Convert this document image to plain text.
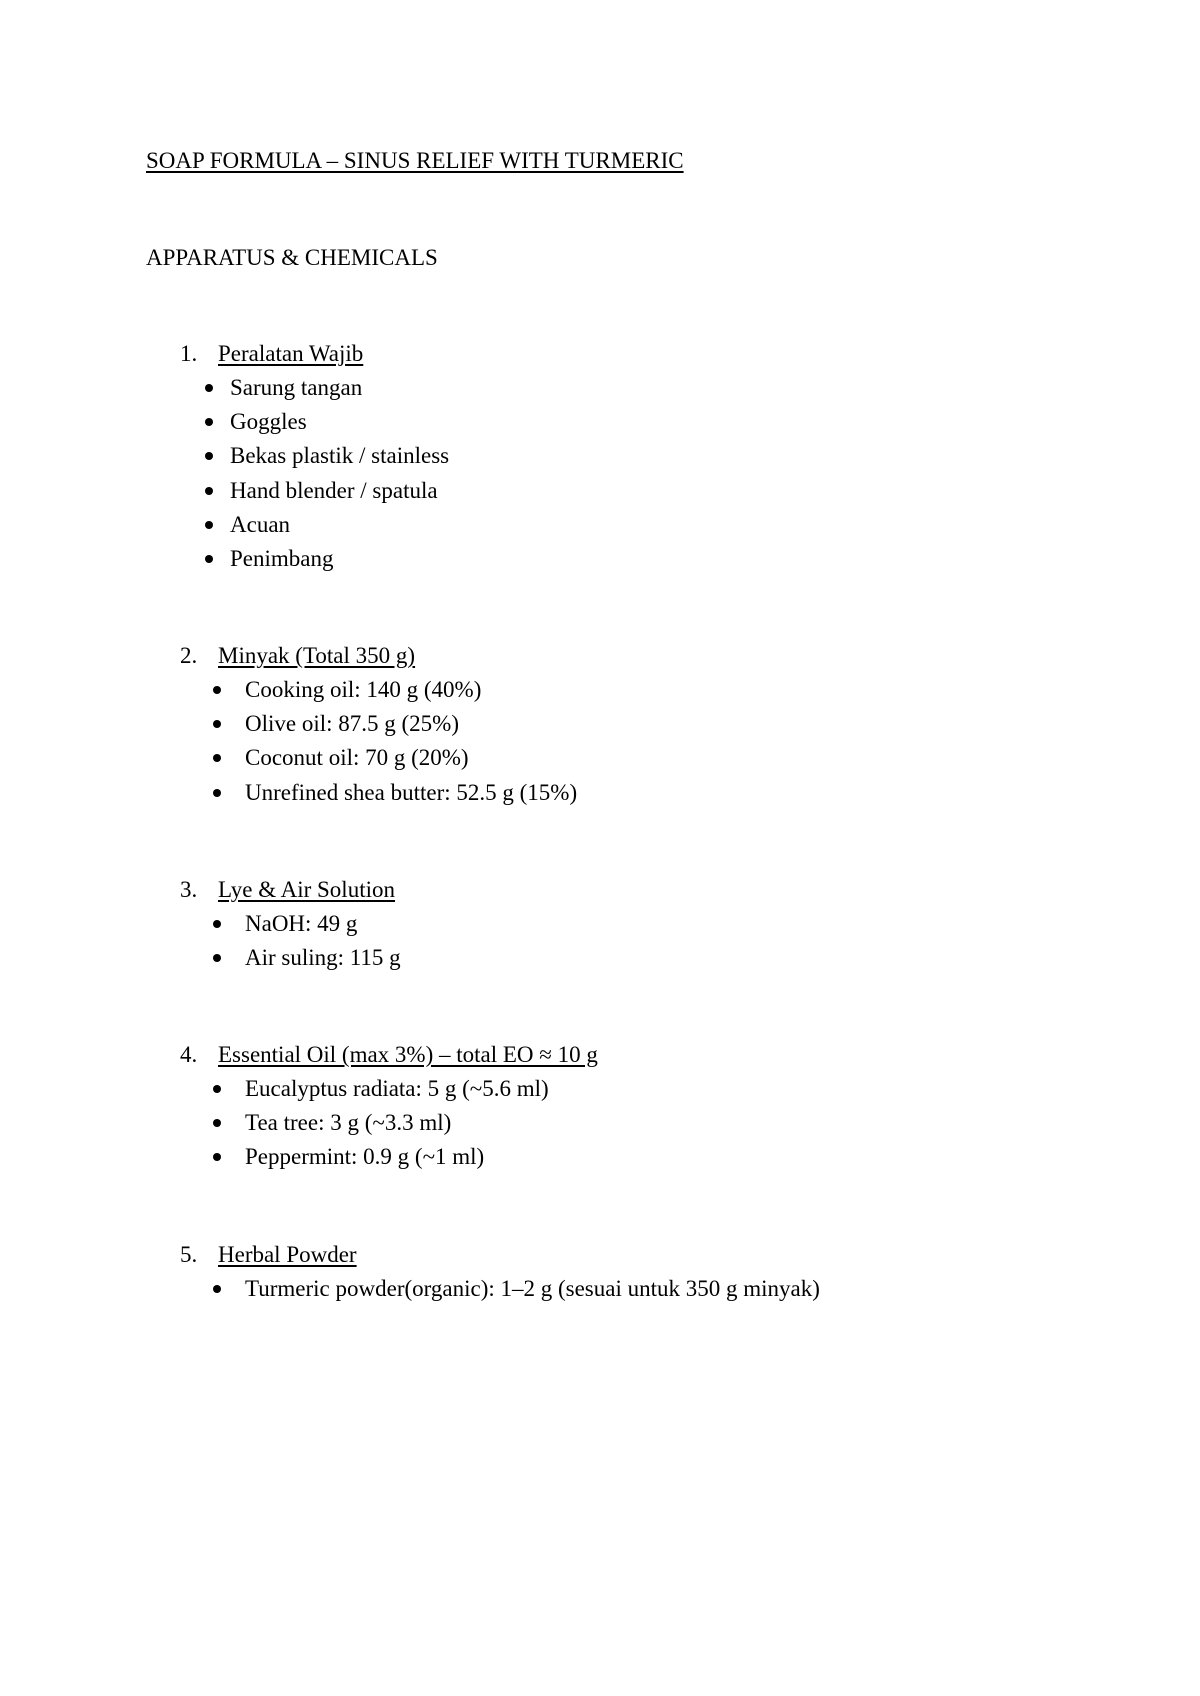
SOAP FORMULA – SINUS RELIEF WITH TURMERIC
APPARATUS & CHEMICALS
1. Peralatan Wajib
Sarung tangan
Goggles
Bekas plastik / stainless
Hand blender / spatula
Acuan
Penimbang
2. Minyak (Total 350 g)
Cooking oil: 140 g (40%)
Olive oil: 87.5 g (25%)
Coconut oil: 70 g (20%)
Unrefined shea butter: 52.5 g (15%)
3. Lye & Air Solution
NaOH: 49 g
Air suling: 115 g
4. Essential Oil (max 3%) – total EO ≈ 10 g
Eucalyptus radiata: 5 g (~5.6 ml)
Tea tree: 3 g (~3.3 ml)
Peppermint: 0.9 g (~1 ml)
5. Herbal Powder
Turmeric powder(organic): 1–2 g (sesuai untuk 350 g minyak)
